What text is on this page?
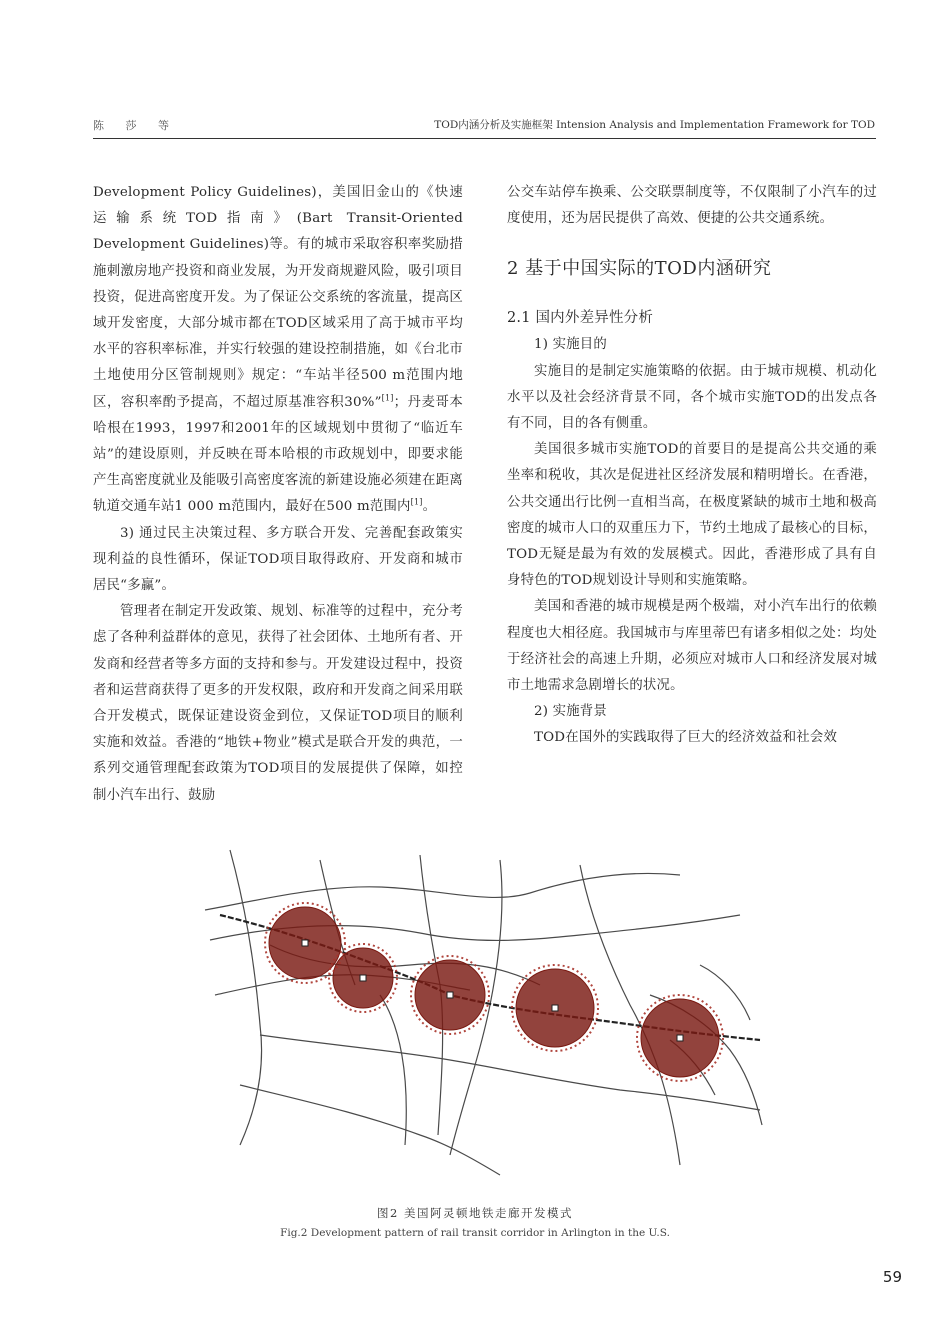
陈 莎 等	TOD内涵分析及实施框架 Intension Analysis and Implementation Framework for TOD

Development Policy Guidelines)，美国旧金山的《快速运输系统TOD指南》(Bart Transit-Oriented Development Guidelines)等。有的城市采取容积率奖励措施刺激房地产投资和商业发展，为开发商规避风险，吸引项目投资，促进高密度开发。为了保证公交系统的客流量，提高区域开发密度，大部分城市都在TOD区域采用了高于城市平均水平的容积率标准，并实行较强的建设控制措施，如《台北市土地使用分区管制规则》规定：“车站半径500 m范围内地区，容积率酌予提高，不超过原基准容积30%”[1]；丹麦哥本哈根在1993，1997和2001年的区域规划中贯彻了“临近车站”的建设原则，并反映在哥本哈根的市政规划中，即要求能产生高密度就业及能吸引高密度客流的新建设施必须建在距离轨道交通车站1 000 m范围内，最好在500 m范围内[1]。

3) 通过民主决策过程、多方联合开发、完善配套政策实现利益的良性循环，保证TOD项目取得政府、开发商和城市居民“多赢”。

管理者在制定开发政策、规划、标准等的过程中，充分考虑了各种利益群体的意见，获得了社会团体、土地所有者、开发商和经营者等多方面的支持和参与。开发建设过程中，投资者和运营商获得了更多的开发权限，政府和开发商之间采用联合开发模式，既保证建设资金到位，又保证TOD项目的顺利实施和效益。香港的“地铁+物业”模式是联合开发的典范，一系列交通管理配套政策为TOD项目的发展提供了保障，如控制小汽车出行、鼓励

公交车站停车换乘、公交联票制度等，不仅限制了小汽车的过度使用，还为居民提供了高效、便捷的公共交通系统。

2 基于中国实际的TOD内涵研究

2.1 国内外差异性分析

1) 实施目的

实施目的是制定实施策略的依据。由于城市规模、机动化水平以及社会经济背景不同，各个城市实施TOD的出发点各有不同，目的各有侧重。

美国很多城市实施TOD的首要目的是提高公共交通的乘坐率和税收，其次是促进社区经济发展和精明增长。在香港，公共交通出行比例一直相当高，在极度紧缺的城市土地和极高密度的城市人口的双重压力下，节约土地成了最核心的目标，TOD无疑是最为有效的发展模式。因此，香港形成了具有自身特色的TOD规划设计导则和实施策略。

美国和香港的城市规模是两个极端，对小汽车出行的依赖程度也大相径庭。我国城市与库里蒂巴有诸多相似之处：均处于经济社会的高速上升期，必须应对城市人口和经济发展对城市土地需求急剧增长的状况。

2) 实施背景

TOD在国外的实践取得了巨大的经济效益和社会效

图2 美国阿灵顿地铁走廊开发模式
Fig.2 Development pattern of rail transit corridor in Arlington in the U.S.
59
